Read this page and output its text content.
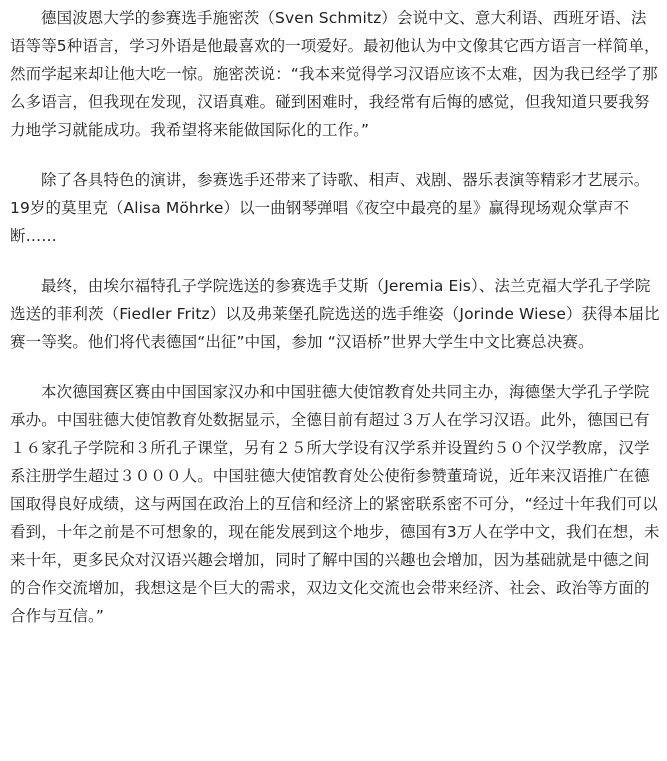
德国波恩大学的参赛选手施密茨（Sven Schmitz）会说中文、意大利语、西班牙语、法语等等5种语言，学习外语是他最喜欢的一项爱好。最初他认为中文像其它西方语言一样简单，然而学起来却让他大吃一惊。施密茨说：“我本来觉得学习汉语应该不太难，因为我已经学了那么多语言，但我现在发现，汉语真难。碰到困难时，我经常有后悔的感觉，但我知道只要我努力地学习就能成功。我希望将来能做国际化的工作。”

除了各具特色的演讲，参赛选手还带来了诗歌、相声、戏剧、器乐表演等精彩才艺展示。19岁的莫里克（Alisa Möhrke）以一曲钢琴弹唱《夜空中最亮的星》赢得现场观众掌声不断……

最终，由埃尔福特孔子学院选送的参赛选手艾斯（Jeremia Eis）、法兰克福大学孔子学院选送的菲利茨（Fiedler Fritz）以及弗莱堡孔院选送的选手维姿（Jorinde Wiese）获得本届比赛一等奖。他们将代表德国“出征”中国，参加 “汉语桥”世界大学生中文比赛总决赛。

本次德国赛区赛由中国国家汉办和中国驻德大使馆教育处共同主办，海德堡大学孔子学院承办。中国驻德大使馆教育处数据显示，全德目前有超过３万人在学习汉语。此外，德国已有１６家孔子学院和３所孔子课堂，另有２５所大学设有汉学系并设置约５０个汉学教席，汉学系注册学生超过３０００人。中国驻德大使馆教育处公使衔参赞董琦说，近年来汉语推广在德国取得良好成绩，这与两国在政治上的互信和经济上的紧密联系密不可分，“经过十年我们可以看到，十年之前是不可想象的，现在能发展到这个地步，德国有3万人在学中文，我们在想，未来十年，更多民众对汉语兴趣会增加，同时了解中国的兴趣也会增加，因为基础就是中德之间的合作交流增加，我想这是个巨大的需求，双边文化交流也会带来经济、社会、政治等方面的合作与互信。”
